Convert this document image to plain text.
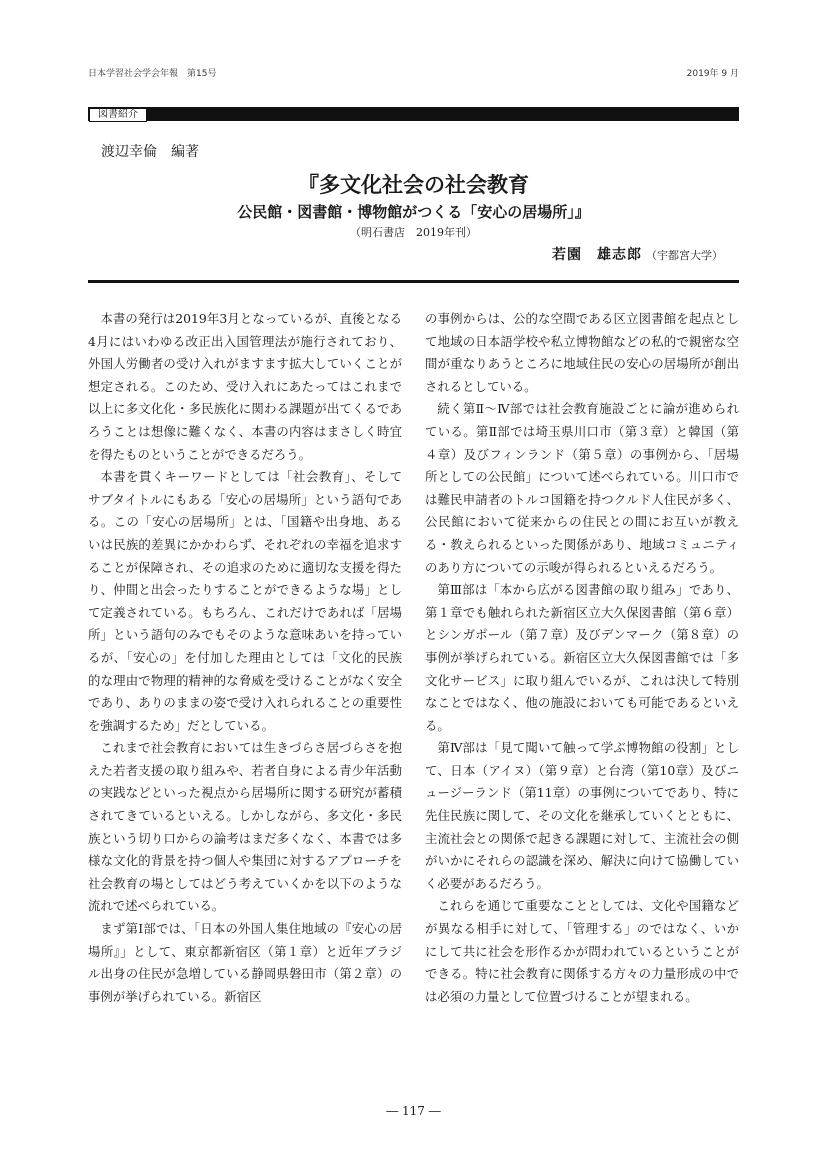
日本学習社会学会年報　第15号	2019年 9 月
図書紹介
渡辺幸倫　編著
『多文化社会の社会教育
公民館・図書館・博物館がつくる「安心の居場所」』
（明石書店　2019年刊）
若園　雄志郎 （宇都宮大学）

本書の発行は2019年3月となっているが、直後となる4月にはいわゆる改正出入国管理法が施行されており、外国人労働者の受け入れがますます拡大していくことが想定される。このため、受け入れにあたってはこれまで以上に多文化化・多民族化に関わる課題が出てくるであろうことは想像に難くなく、本書の内容はまさしく時宜を得たものということができるだろう。

本書を貫くキーワードとしては「社会教育」、そしてサブタイトルにもある「安心の居場所」という語句である。この「安心の居場所」とは、「国籍や出身地、あるいは民族的差異にかかわらず、それぞれの幸福を追求することが保障され、その追求のために適切な支援を得たり、仲間と出会ったりすることができるような場」として定義されている。もちろん、これだけであれば「居場所」という語句のみでもそのような意味あいを持っているが、「安心の」を付加した理由としては「文化的民族的な理由で物理的精神的な脅威を受けることがなく安全であり、ありのままの姿で受け入れられることの重要性を強調するため」だとしている。

これまで社会教育においては生きづらさ居づらさを抱えた若者支援の取り組みや、若者自身による青少年活動の実践などといった視点から居場所に関する研究が蓄積されてきているといえる。しかしながら、多文化・多民族という切り口からの論考はまだ多くなく、本書では多様な文化的背景を持つ個人や集団に対するアプローチを社会教育の場としてはどう考えていくかを以下のような流れで述べられている。

まず第Ⅰ部では、「日本の外国人集住地域の『安心の居場所』」として、東京都新宿区（第１章）と近年ブラジル出身の住民が急増している静岡県磐田市（第２章）の事例が挙げられている。新宿区

の事例からは、公的な空間である区立図書館を起点として地域の日本語学校や私立博物館などの私的で親密な空間が重なりあうところに地域住民の安心の居場所が創出されるとしている。

続く第Ⅱ～Ⅳ部では社会教育施設ごとに論が進められている。第Ⅱ部では埼玉県川口市（第３章）と韓国（第４章）及びフィンランド（第５章）の事例から、「居場所としての公民館」について述べられている。川口市では難民申請者のトルコ国籍を持つクルド人住民が多く、公民館において従来からの住民との間にお互いが教える・教えられるといった関係があり、地域コミュニティのあり方についての示唆が得られるといえるだろう。

第Ⅲ部は「本から広がる図書館の取り組み」であり、第１章でも触れられた新宿区立大久保図書館（第６章）とシンガポール（第７章）及びデンマーク（第８章）の事例が挙げられている。新宿区立大久保図書館では「多文化サービス」に取り組んでいるが、これは決して特別なことではなく、他の施設においても可能であるといえる。

第Ⅳ部は「見て聞いて触って学ぶ博物館の役割」として、日本（アイヌ）（第９章）と台湾（第10章）及びニュージーランド（第11章）の事例についてであり、特に先住民族に関して、その文化を継承していくとともに、主流社会との関係で起きる課題に対して、主流社会の側がいかにそれらの認識を深め、解決に向けて協働していく必要があるだろう。

これらを通じて重要なこととしては、文化や国籍などが異なる相手に対して、「管理する」のではなく、いかにして共に社会を形作るかが問われているということができる。特に社会教育に関係する方々の力量形成の中では必須の力量として位置づけることが望まれる。

― 117 ―
